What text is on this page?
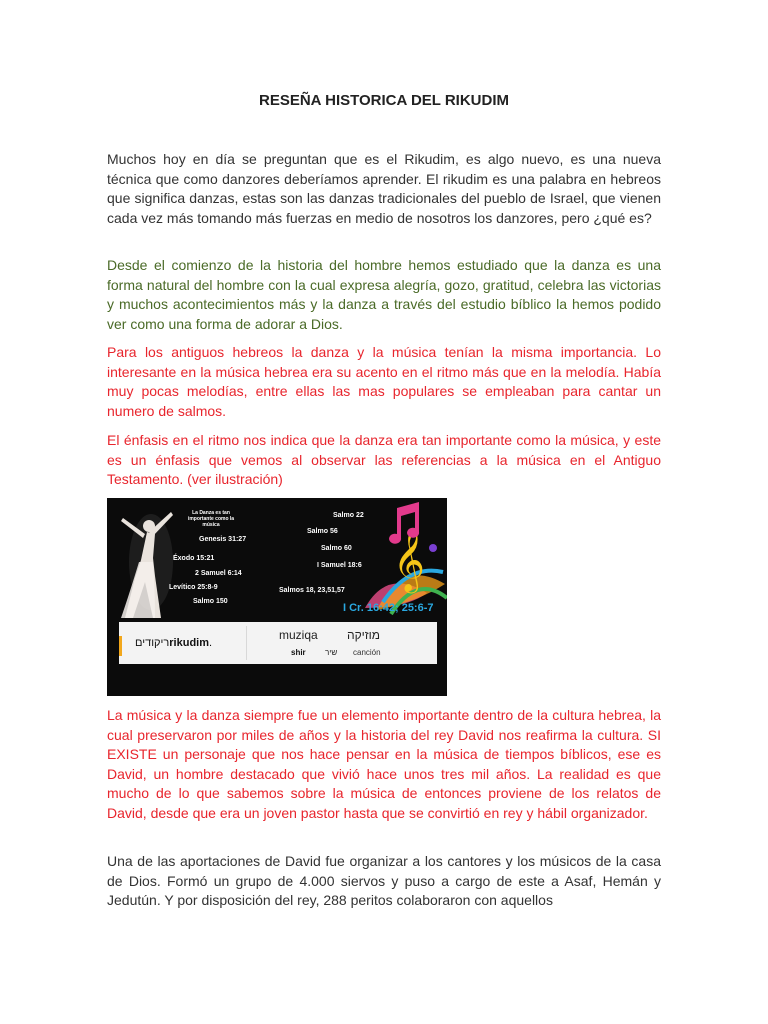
RESEÑA HISTORICA DEL RIKUDIM

Muchos hoy en día se preguntan que es el Rikudim, es algo nuevo, es una nueva técnica que como danzores deberíamos aprender. El rikudim es una palabra en hebreos que significa danzas, estas son las danzas tradicionales del pueblo de Israel, que vienen cada vez más tomando más fuerzas en medio de nosotros los danzores, pero ¿qué es?

Desde el comienzo de la historia del hombre hemos estudiado que la danza es una forma natural del hombre con la cual expresa alegría, gozo, gratitud, celebra las victorias y muchos acontecimientos más y la danza a través del estudio bíblico la hemos podido ver como una forma de adorar a Dios.

Para los antiguos hebreos la danza y la música tenían la misma importancia. Lo interesante en la música hebrea era su acento en el ritmo más que en la melodía. Había muy pocas melodías, entre ellas las mas populares se empleaban para cantar un numero de salmos.

El énfasis en el ritmo nos indica que la danza era tan importante como la música, y este es un énfasis que vemos al observar las referencias a la música en el Antiguo Testamento. (ver ilustración)

𝄞
La Danza es tan importante como la música
Genesis 31:27
Éxodo 15:21
2 Samuel 6:14
Levítico 25:8-9
Salmo 150
Salmo 22
Salmo 56
Salmo 60
I Samuel 18:6
Salmos 18, 23,51,57
I Cr. 16:42; 25:6-7
ריקודיםrikudim.
muziqa מוזיקה
shir שיר canción

La música y la danza siempre fue un elemento importante dentro de la cultura hebrea, la cual preservaron por miles de años y la historia del rey David nos reafirma la cultura. SI EXISTE un personaje que nos hace pensar en la música de tiempos bíblicos, ese es David, un hombre destacado que vivió hace unos tres mil años. La realidad es que mucho de lo que sabemos sobre la música de entonces proviene de los relatos de David, desde que era un joven pastor hasta que se convirtió en rey y hábil organizador.

Una de las aportaciones de David fue organizar a los cantores y los músicos de la casa de Dios. Formó un grupo de 4.000 siervos y puso a cargo de este a Asaf, Hemán y Jedutún. Y por disposición del rey, 288 peritos colaboraron con aquellos
